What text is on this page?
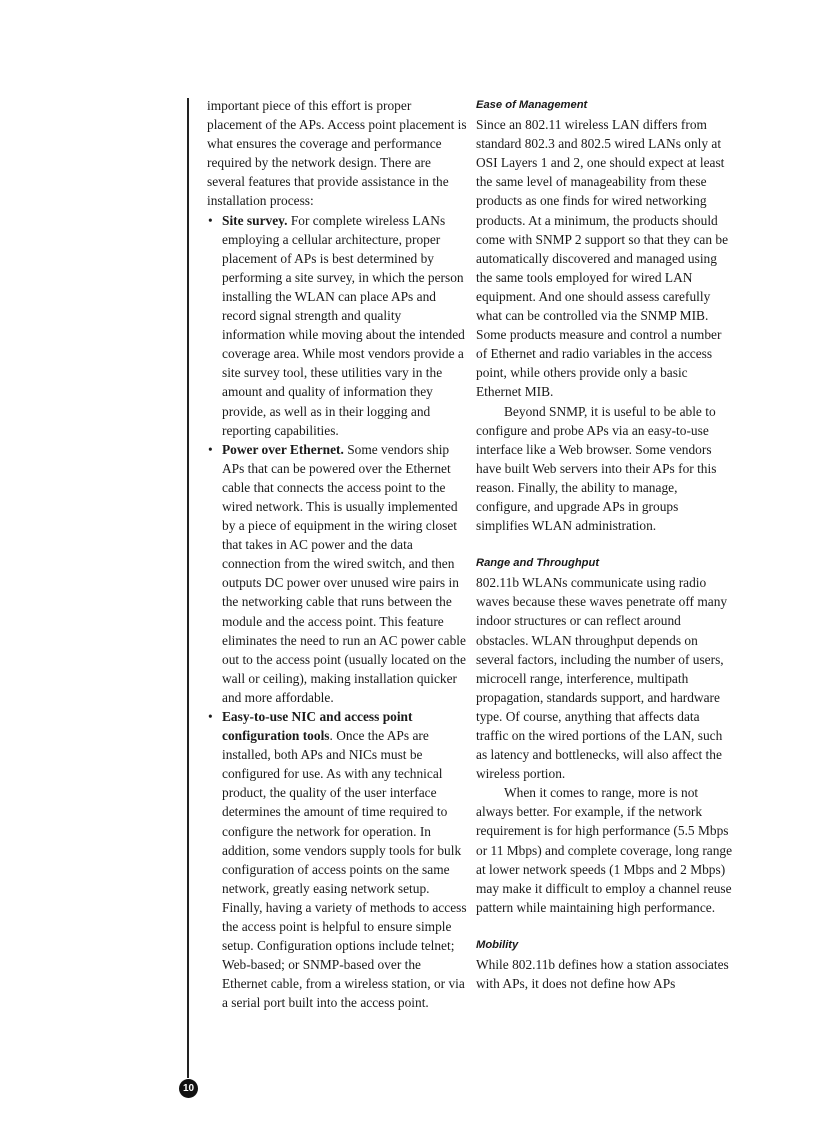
important piece of this effort is proper placement of the APs. Access point placement is what ensures the coverage and performance required by the network design. There are several features that provide assistance in the installation process:

• Site survey. For complete wireless LANs employing a cellular architecture, proper placement of APs is best determined by performing a site survey, in which the person installing the WLAN can place APs and record signal strength and quality information while moving about the intended coverage area. While most vendors provide a site survey tool, these utilities vary in the amount and quality of information they provide, as well as in their logging and reporting capabilities.
• Power over Ethernet. Some vendors ship APs that can be powered over the Ethernet cable that connects the access point to the wired network. This is usually implemented by a piece of equipment in the wiring closet that takes in AC power and the data connection from the wired switch, and then outputs DC power over unused wire pairs in the networking cable that runs between the module and the access point. This feature eliminates the need to run an AC power cable out to the access point (usually located on the wall or ceiling), making installation quicker and more affordable.
• Easy-to-use NIC and access point configuration tools. Once the APs are installed, both APs and NICs must be configured for use. As with any technical product, the quality of the user interface determines the amount of time required to configure the network for operation. In addition, some vendors supply tools for bulk configuration of access points on the same network, greatly easing network setup. Finally, having a variety of methods to access the access point is helpful to ensure simple setup. Configuration options include telnet; Web-based; or SNMP-based over the Ethernet cable, from a wireless station, or via a serial port built into the access point.
Ease of Management

Since an 802.11 wireless LAN differs from standard 802.3 and 802.5 wired LANs only at OSI Layers 1 and 2, one should expect at least the same level of manageability from these products as one finds for wired networking products. At a minimum, the products should come with SNMP 2 support so that they can be automatically discovered and managed using the same tools employed for wired LAN equipment. And one should assess carefully what can be controlled via the SNMP MIB. Some products measure and control a number of Ethernet and radio variables in the access point, while others provide only a basic Ethernet MIB.

Beyond SNMP, it is useful to be able to configure and probe APs via an easy-to-use interface like a Web browser. Some vendors have built Web servers into their APs for this reason. Finally, the ability to manage, configure, and upgrade APs in groups simplifies WLAN administration.

Range and Throughput

802.11b WLANs communicate using radio waves because these waves penetrate off many indoor structures or can reflect around obstacles. WLAN throughput depends on several factors, including the number of users, microcell range, interference, multipath propagation, standards support, and hardware type. Of course, anything that affects data traffic on the wired portions of the LAN, such as latency and bottlenecks, will also affect the wireless portion.

When it comes to range, more is not always better. For example, if the network requirement is for high performance (5.5 Mbps or 11 Mbps) and complete coverage, long range at lower network speeds (1 Mbps and 2 Mbps) may make it difficult to employ a channel reuse pattern while maintaining high performance.

Mobility

While 802.11b defines how a station associates with APs, it does not define how APs

10
